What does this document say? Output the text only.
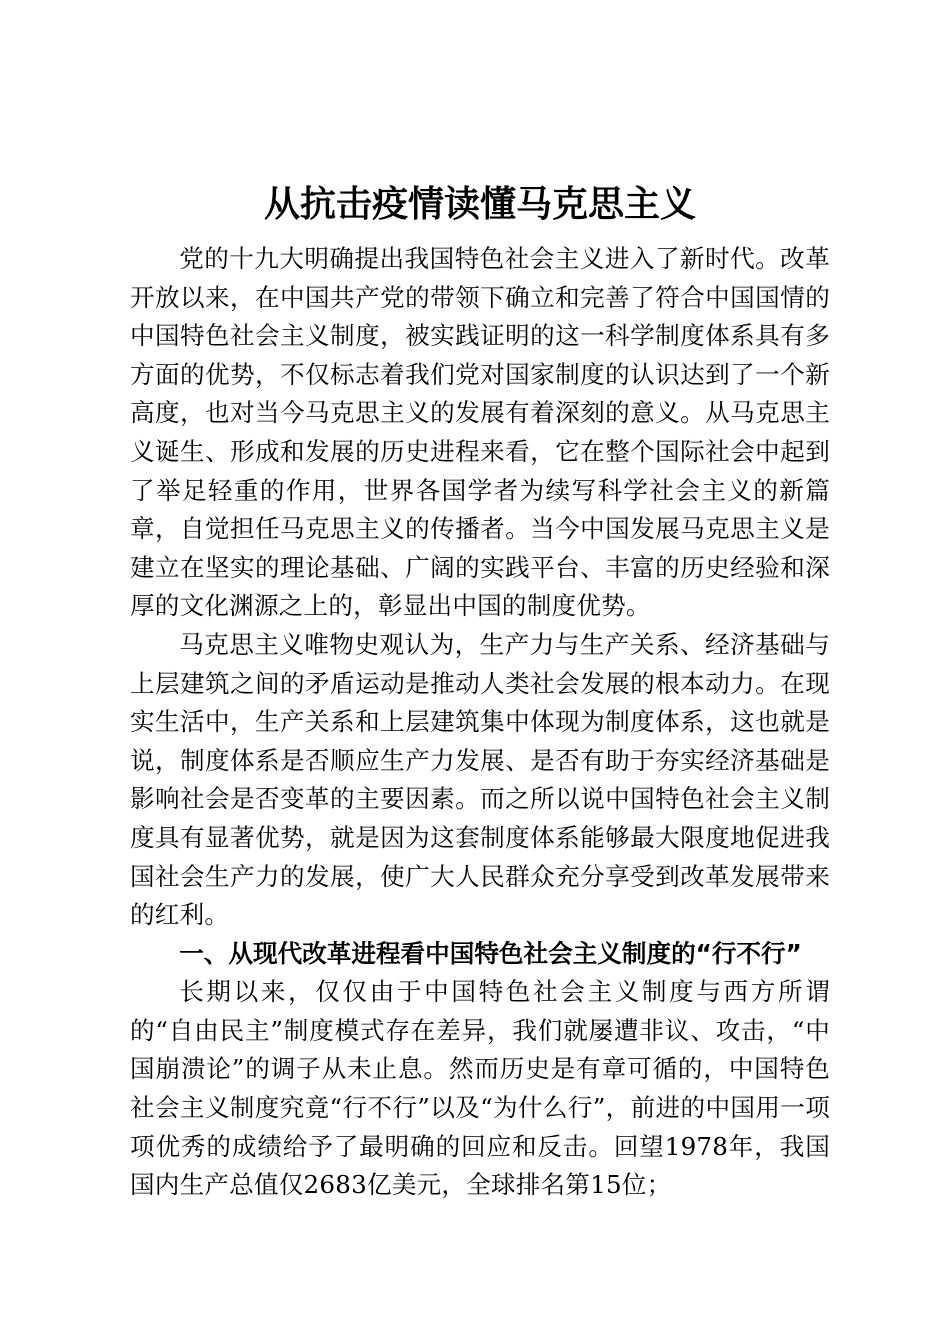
从抗击疫情读懂马克思主义

党的十九大明确提出我国特色社会主义进入了新时代。改革开放以来，在中国共产党的带领下确立和完善了符合中国国情的中国特色社会主义制度，被实践证明的这一科学制度体系具有多方面的优势，不仅标志着我们党对国家制度的认识达到了一个新高度，也对当今马克思主义的发展有着深刻的意义。从马克思主义诞生、形成和发展的历史进程来看，它在整个国际社会中起到了举足轻重的作用，世界各国学者为续写科学社会主义的新篇章，自觉担任马克思主义的传播者。当今中国发展马克思主义是建立在坚实的理论基础、广阔的实践平台、丰富的历史经验和深厚的文化渊源之上的，彰显出中国的制度优势。

马克思主义唯物史观认为，生产力与生产关系、经济基础与上层建筑之间的矛盾运动是推动人类社会发展的根本动力。在现实生活中，生产关系和上层建筑集中体现为制度体系，这也就是说，制度体系是否顺应生产力发展、是否有助于夯实经济基础是影响社会是否变革的主要因素。而之所以说中国特色社会主义制度具有显著优势，就是因为这套制度体系能够最大限度地促进我国社会生产力的发展，使广大人民群众充分享受到改革发展带来的红利。

一、从现代改革进程看中国特色社会主义制度的“行不行”

长期以来，仅仅由于中国特色社会主义制度与西方所谓的“自由民主”制度模式存在差异，我们就屡遭非议、攻击，“中国崩溃论”的调子从未止息。然而历史是有章可循的，中国特色社会主义制度究竟“行不行”以及“为什么行”，前进的中国用一项项优秀的成绩给予了最明确的回应和反击。回望1978年，我国国内生产总值仅2683亿美元，全球排名第15位；
